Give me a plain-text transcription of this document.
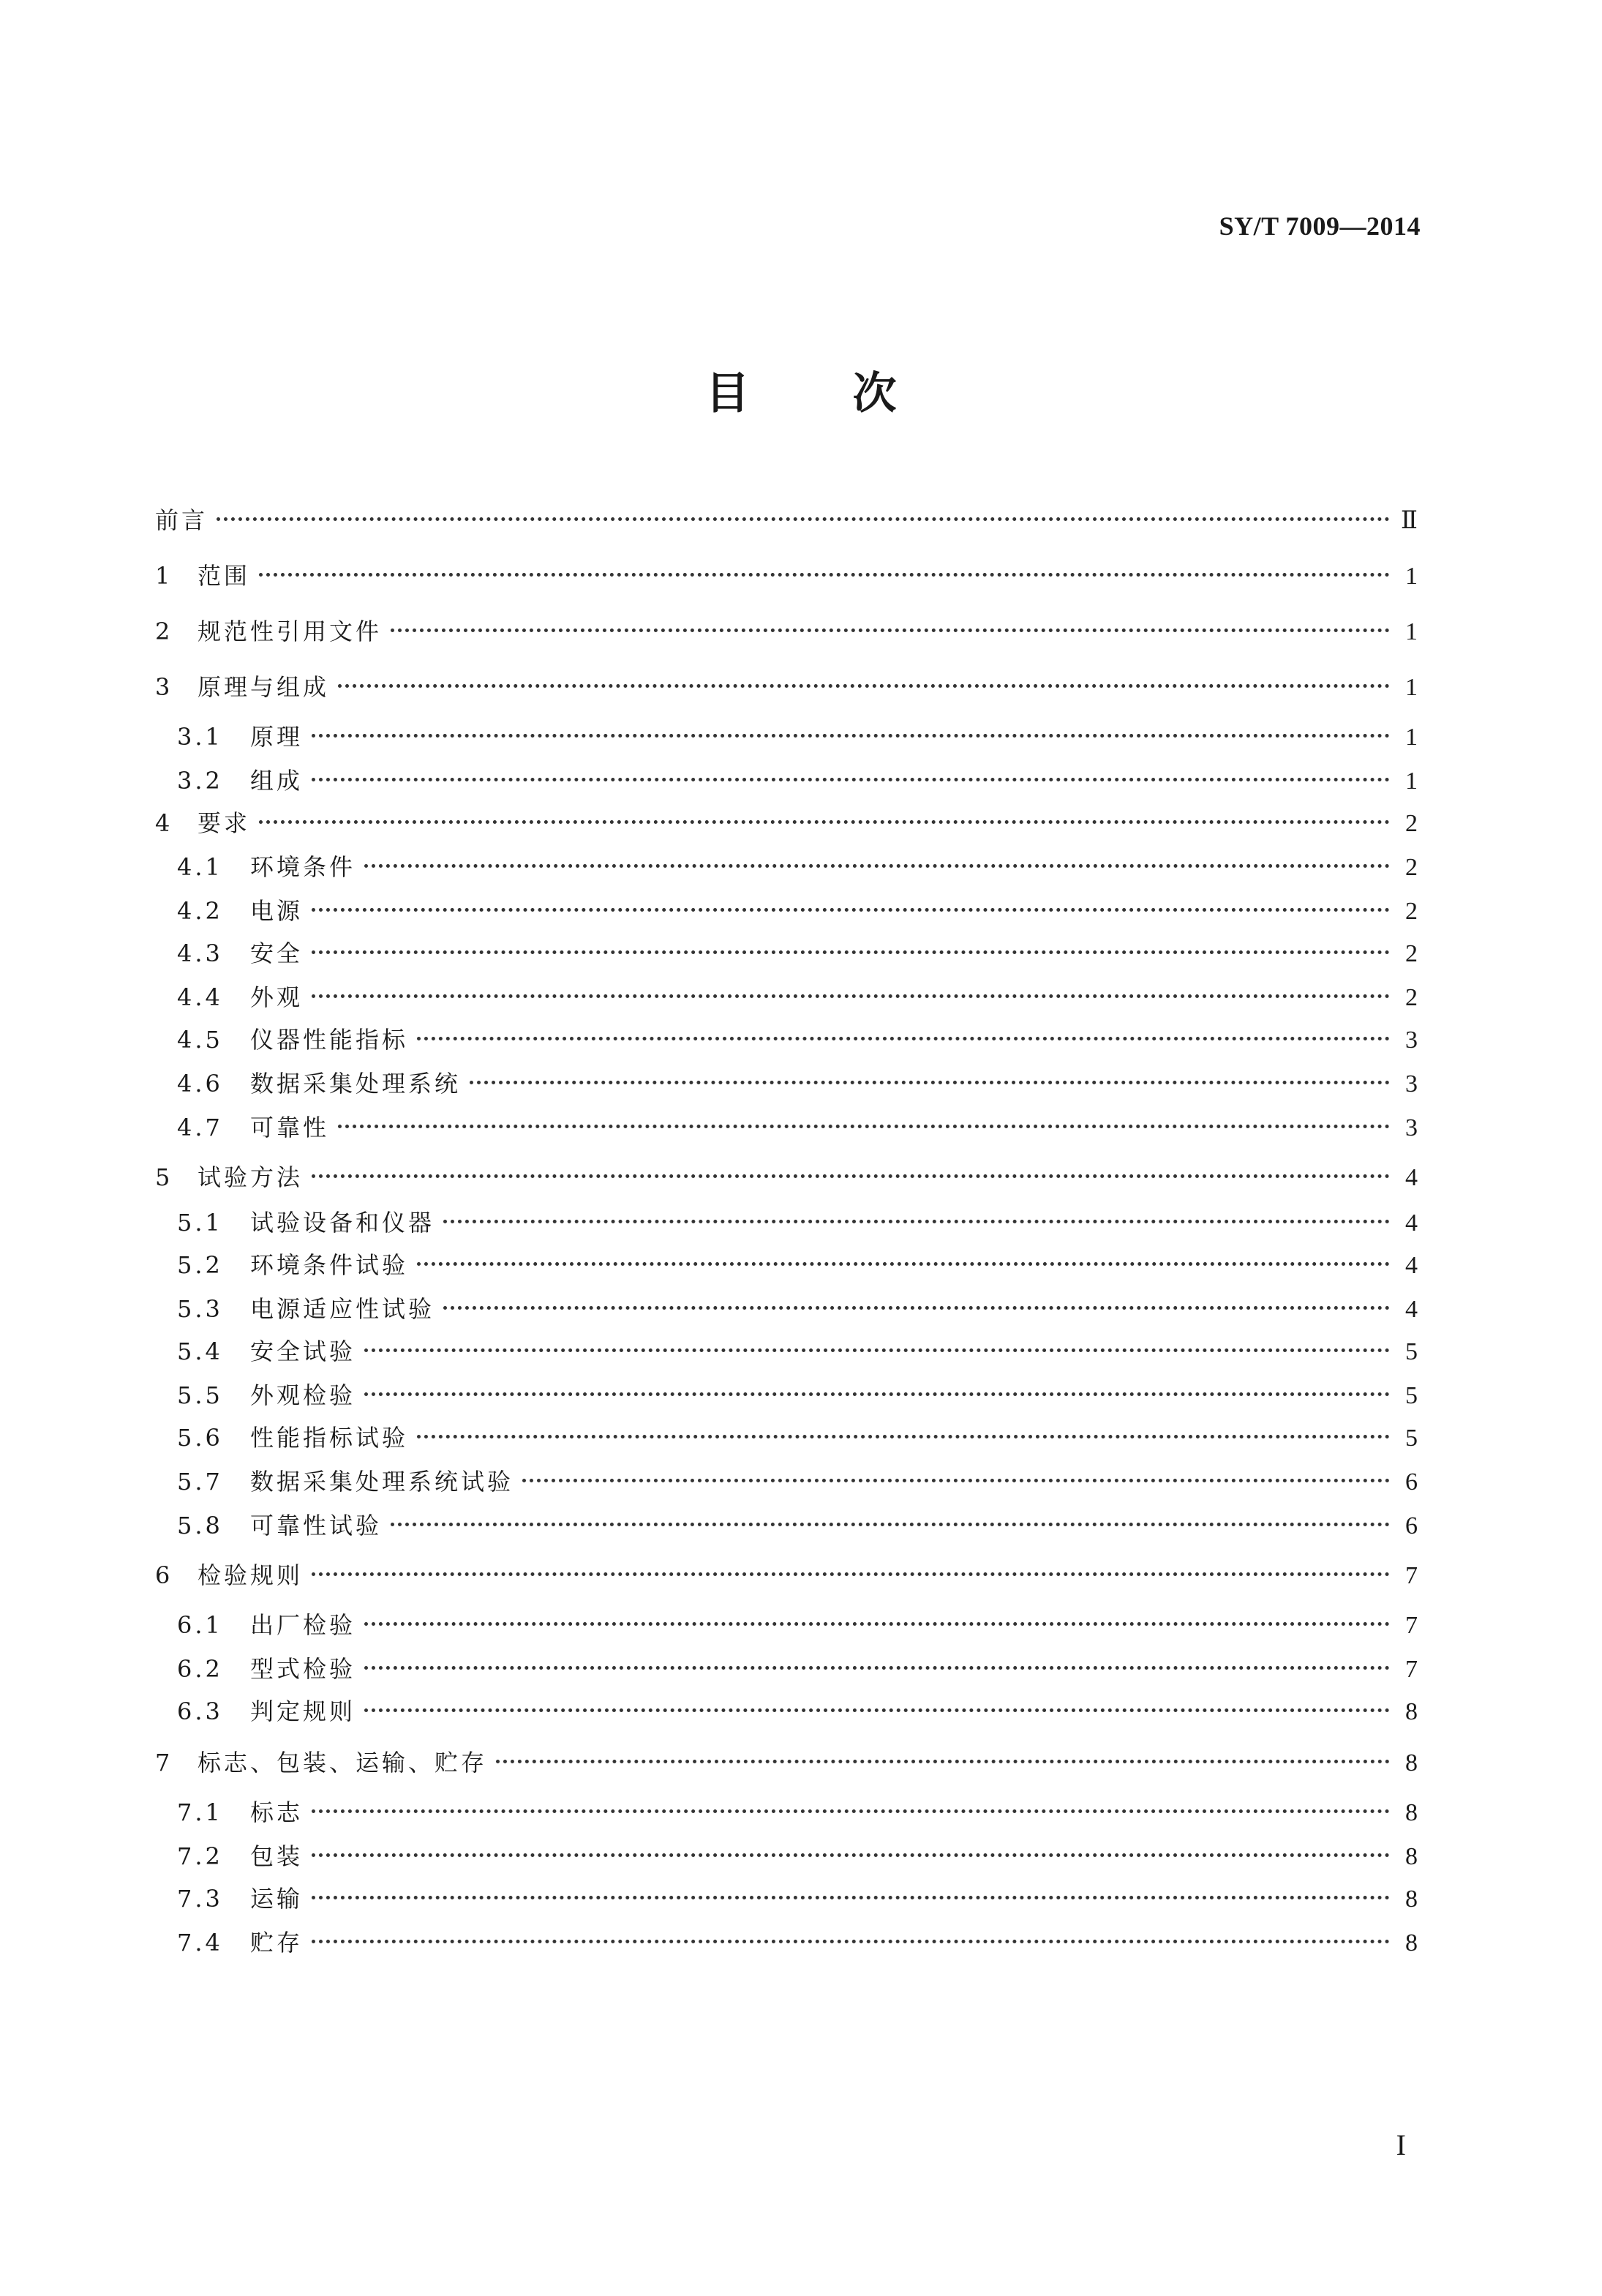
SY/T 7009—2014
目 次
前言	Ⅱ
1	范围	1
2	规范性引用文件	1
3	原理与组成	1
3.1	原理	1
3.2	组成	1
4	要求	2
4.1	环境条件	2
4.2	电源	2
4.3	安全	2
4.4	外观	2
4.5	仪器性能指标	3
4.6	数据采集处理系统	3
4.7	可靠性	3
5	试验方法	4
5.1	试验设备和仪器	4
5.2	环境条件试验	4
5.3	电源适应性试验	4
5.4	安全试验	5
5.5	外观检验	5
5.6	性能指标试验	5
5.7	数据采集处理系统试验	6
5.8	可靠性试验	6
6	检验规则	7
6.1	出厂检验	7
6.2	型式检验	7
6.3	判定规则	8
7	标志、包装、运输、贮存	8
7.1	标志	8
7.2	包装	8
7.3	运输	8
7.4	贮存	8
I
